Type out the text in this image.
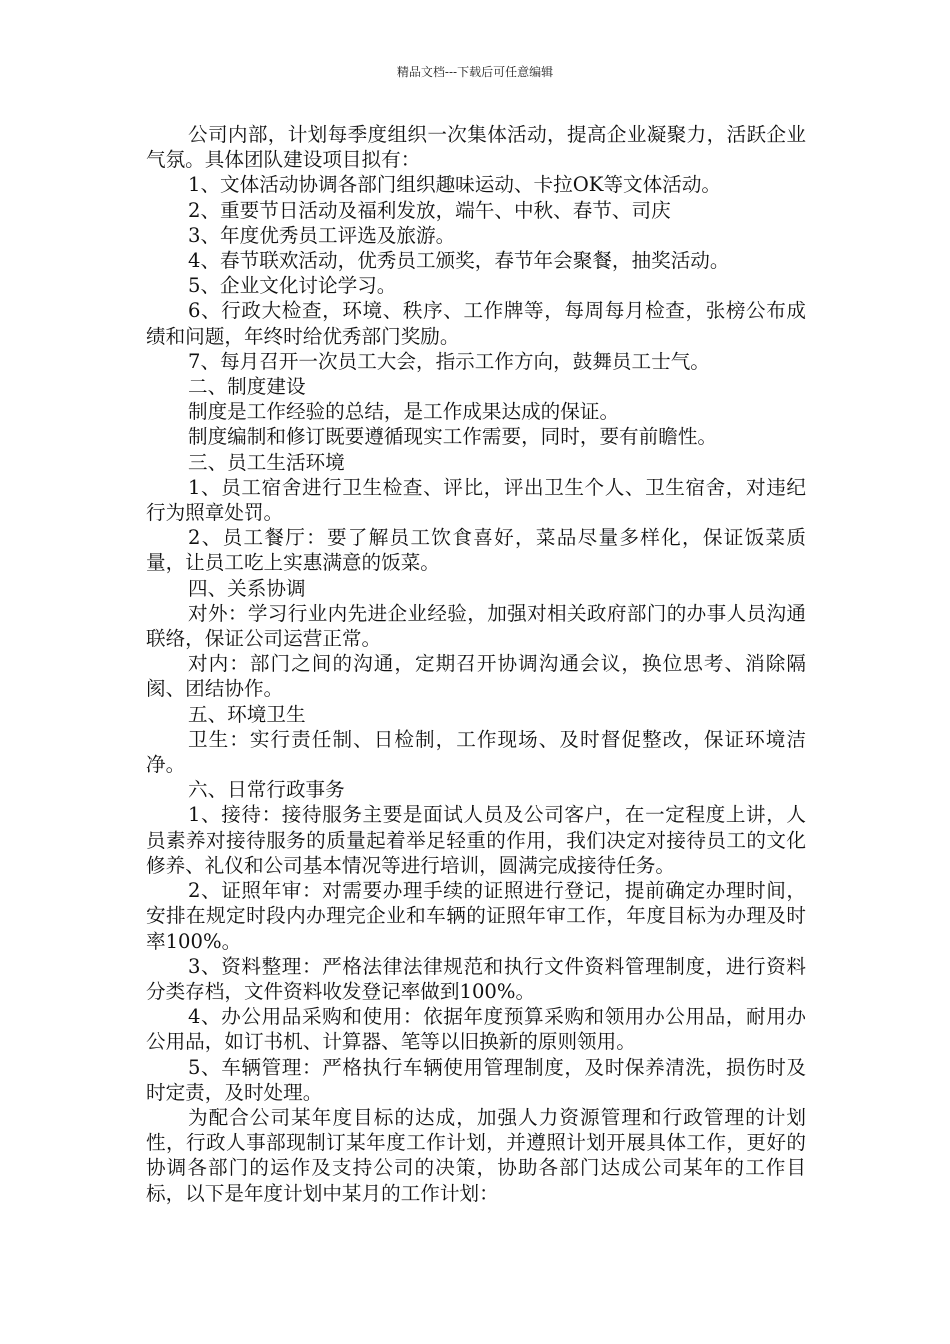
精品文档---下载后可任意编辑

公司内部，计划每季度组织一次集体活动，提高企业凝聚力，活跃企业气氛。具体团队建设项目拟有：

1、文体活动协调各部门组织趣味运动、卡拉OK等文体活动。

2、重要节日活动及福利发放，端午、中秋、春节、司庆

3、年度优秀员工评选及旅游。

4、春节联欢活动，优秀员工颁奖，春节年会聚餐，抽奖活动。

5、企业文化讨论学习。

6、行政大检查，环境、秩序、工作牌等，每周每月检查，张榜公布成绩和问题，年终时给优秀部门奖励。

7、每月召开一次员工大会，指示工作方向，鼓舞员工士气。

二、制度建设

制度是工作经验的总结，是工作成果达成的保证。

制度编制和修订既要遵循现实工作需要，同时，要有前瞻性。

三、员工生活环境

1、员工宿舍进行卫生检查、评比，评出卫生个人、卫生宿舍，对违纪行为照章处罚。

2、员工餐厅：要了解员工饮食喜好，菜品尽量多样化，保证饭菜质量，让员工吃上实惠满意的饭菜。

四、关系协调

对外：学习行业内先进企业经验，加强对相关政府部门的办事人员沟通联络，保证公司运营正常。

对内：部门之间的沟通，定期召开协调沟通会议，换位思考、消除隔阂、团结协作。

五、环境卫生

卫生：实行责任制、日检制，工作现场、及时督促整改，保证环境洁净。

六、日常行政事务

1、接待：接待服务主要是面试人员及公司客户，在一定程度上讲，人员素养对接待服务的质量起着举足轻重的作用，我们决定对接待员工的文化修养、礼仪和公司基本情况等进行培训，圆满完成接待任务。

2、证照年审：对需要办理手续的证照进行登记，提前确定办理时间，安排在规定时段内办理完企业和车辆的证照年审工作，年度目标为办理及时率100%。

3、资料整理：严格法律法律规范和执行文件资料管理制度，进行资料分类存档，文件资料收发登记率做到100%。

4、办公用品采购和使用：依据年度预算采购和领用办公用品，耐用办公用品，如订书机、计算器、笔等以旧换新的原则领用。

5、车辆管理：严格执行车辆使用管理制度，及时保养清洗，损伤时及时定责，及时处理。

为配合公司某年度目标的达成，加强人力资源管理和行政管理的计划性，行政人事部现制订某年度工作计划，并遵照计划开展具体工作，更好的协调各部门的运作及支持公司的决策，协助各部门达成公司某年的工作目标，以下是年度计划中某月的工作计划：
